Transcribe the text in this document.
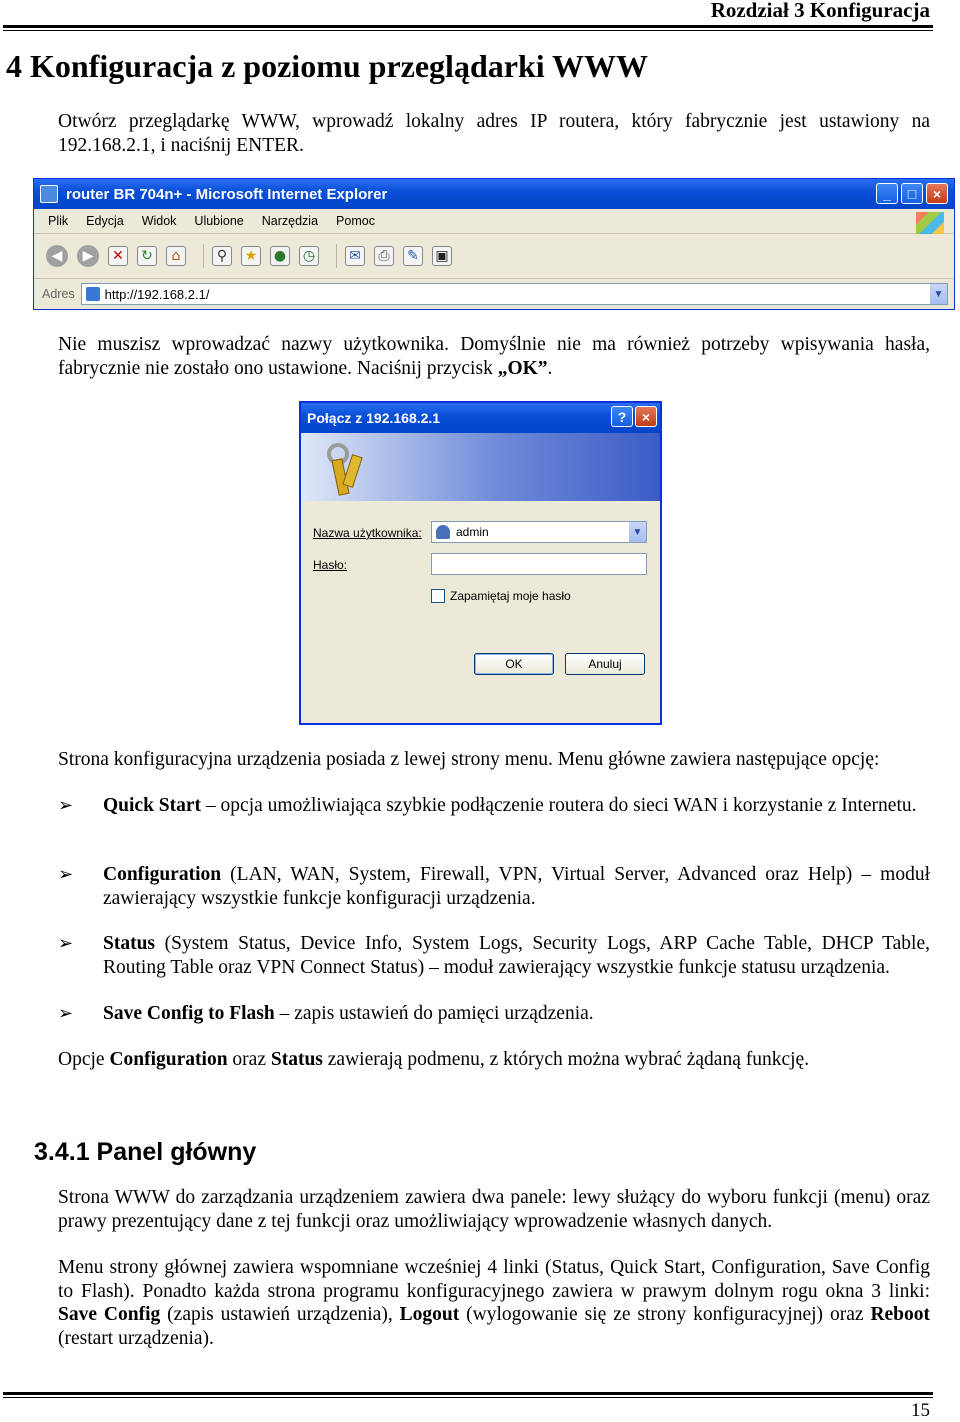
Rozdział 3 Konfiguracja
4 Konfiguracja z poziomu przeglądarki WWW

Otwórz przeglądarkę WWW, wprowadź lokalny adres IP routera, który fabrycznie jest ustawiony na 192.168.2.1, i naciśnij ENTER.

router BR 704n+ - Microsoft Internet Explorer	_	□	×
Plik Edycja Widok Ulubione Narzędzia Pomoc
◀	▶	✕ ↻	⌂	⚲	★ ● ◷ ✉	⎙	✎ ▣
Adres http://192.168.2.1/	▼

Nie muszisz wprowadzać nazwy użytkownika. Domyślnie nie ma również potrzeby wpisywania hasła, fabrycznie nie zostało ono ustawione. Naciśnij przycisk „OK”.

Połącz z 192.168.2.1	?	×
Nazwa użytkownika:	admin	▼
Hasło:
Zapamiętaj moje hasło
OK	Anuluj

Strona konfiguracyjna urządzenia posiada z lewej strony menu. Menu główne zawiera następujące opcję:

➢ Quick Start – opcja umożliwiająca szybkie podłączenie routera do sieci WAN i korzystanie z Internetu.
➢ Configuration (LAN, WAN, System, Firewall, VPN, Virtual Server, Advanced oraz Help) – moduł zawierający wszystkie funkcje konfiguracji urządzenia.
➢ Status (System Status, Device Info, System Logs, Security Logs, ARP Cache Table, DHCP Table, Routing Table oraz VPN Connect Status) – moduł zawierający wszystkie funkcje statusu urządzenia.
➢ Save Config to Flash – zapis ustawień do pamięci urządzenia.

Opcje Configuration oraz Status zawierają podmenu, z których można wybrać żądaną funkcję.

3.4.1 Panel główny

Strona WWW do zarządzania urządzeniem zawiera dwa panele: lewy służący do wyboru funkcji (menu) oraz prawy prezentujący dane z tej funkcji oraz umożliwiający wprowadzenie własnych danych.

Menu strony głównej zawiera wspomniane wcześniej 4 linki (Status, Quick Start, Configuration, Save Config to Flash). Ponadto każda strona programu konfiguracyjnego zawiera w prawym dolnym rogu okna 3 linki: Save Config (zapis ustawień urządzenia), Logout (wylogowanie się ze strony konfiguracyjnej) oraz Reboot (restart urządzenia).

15
